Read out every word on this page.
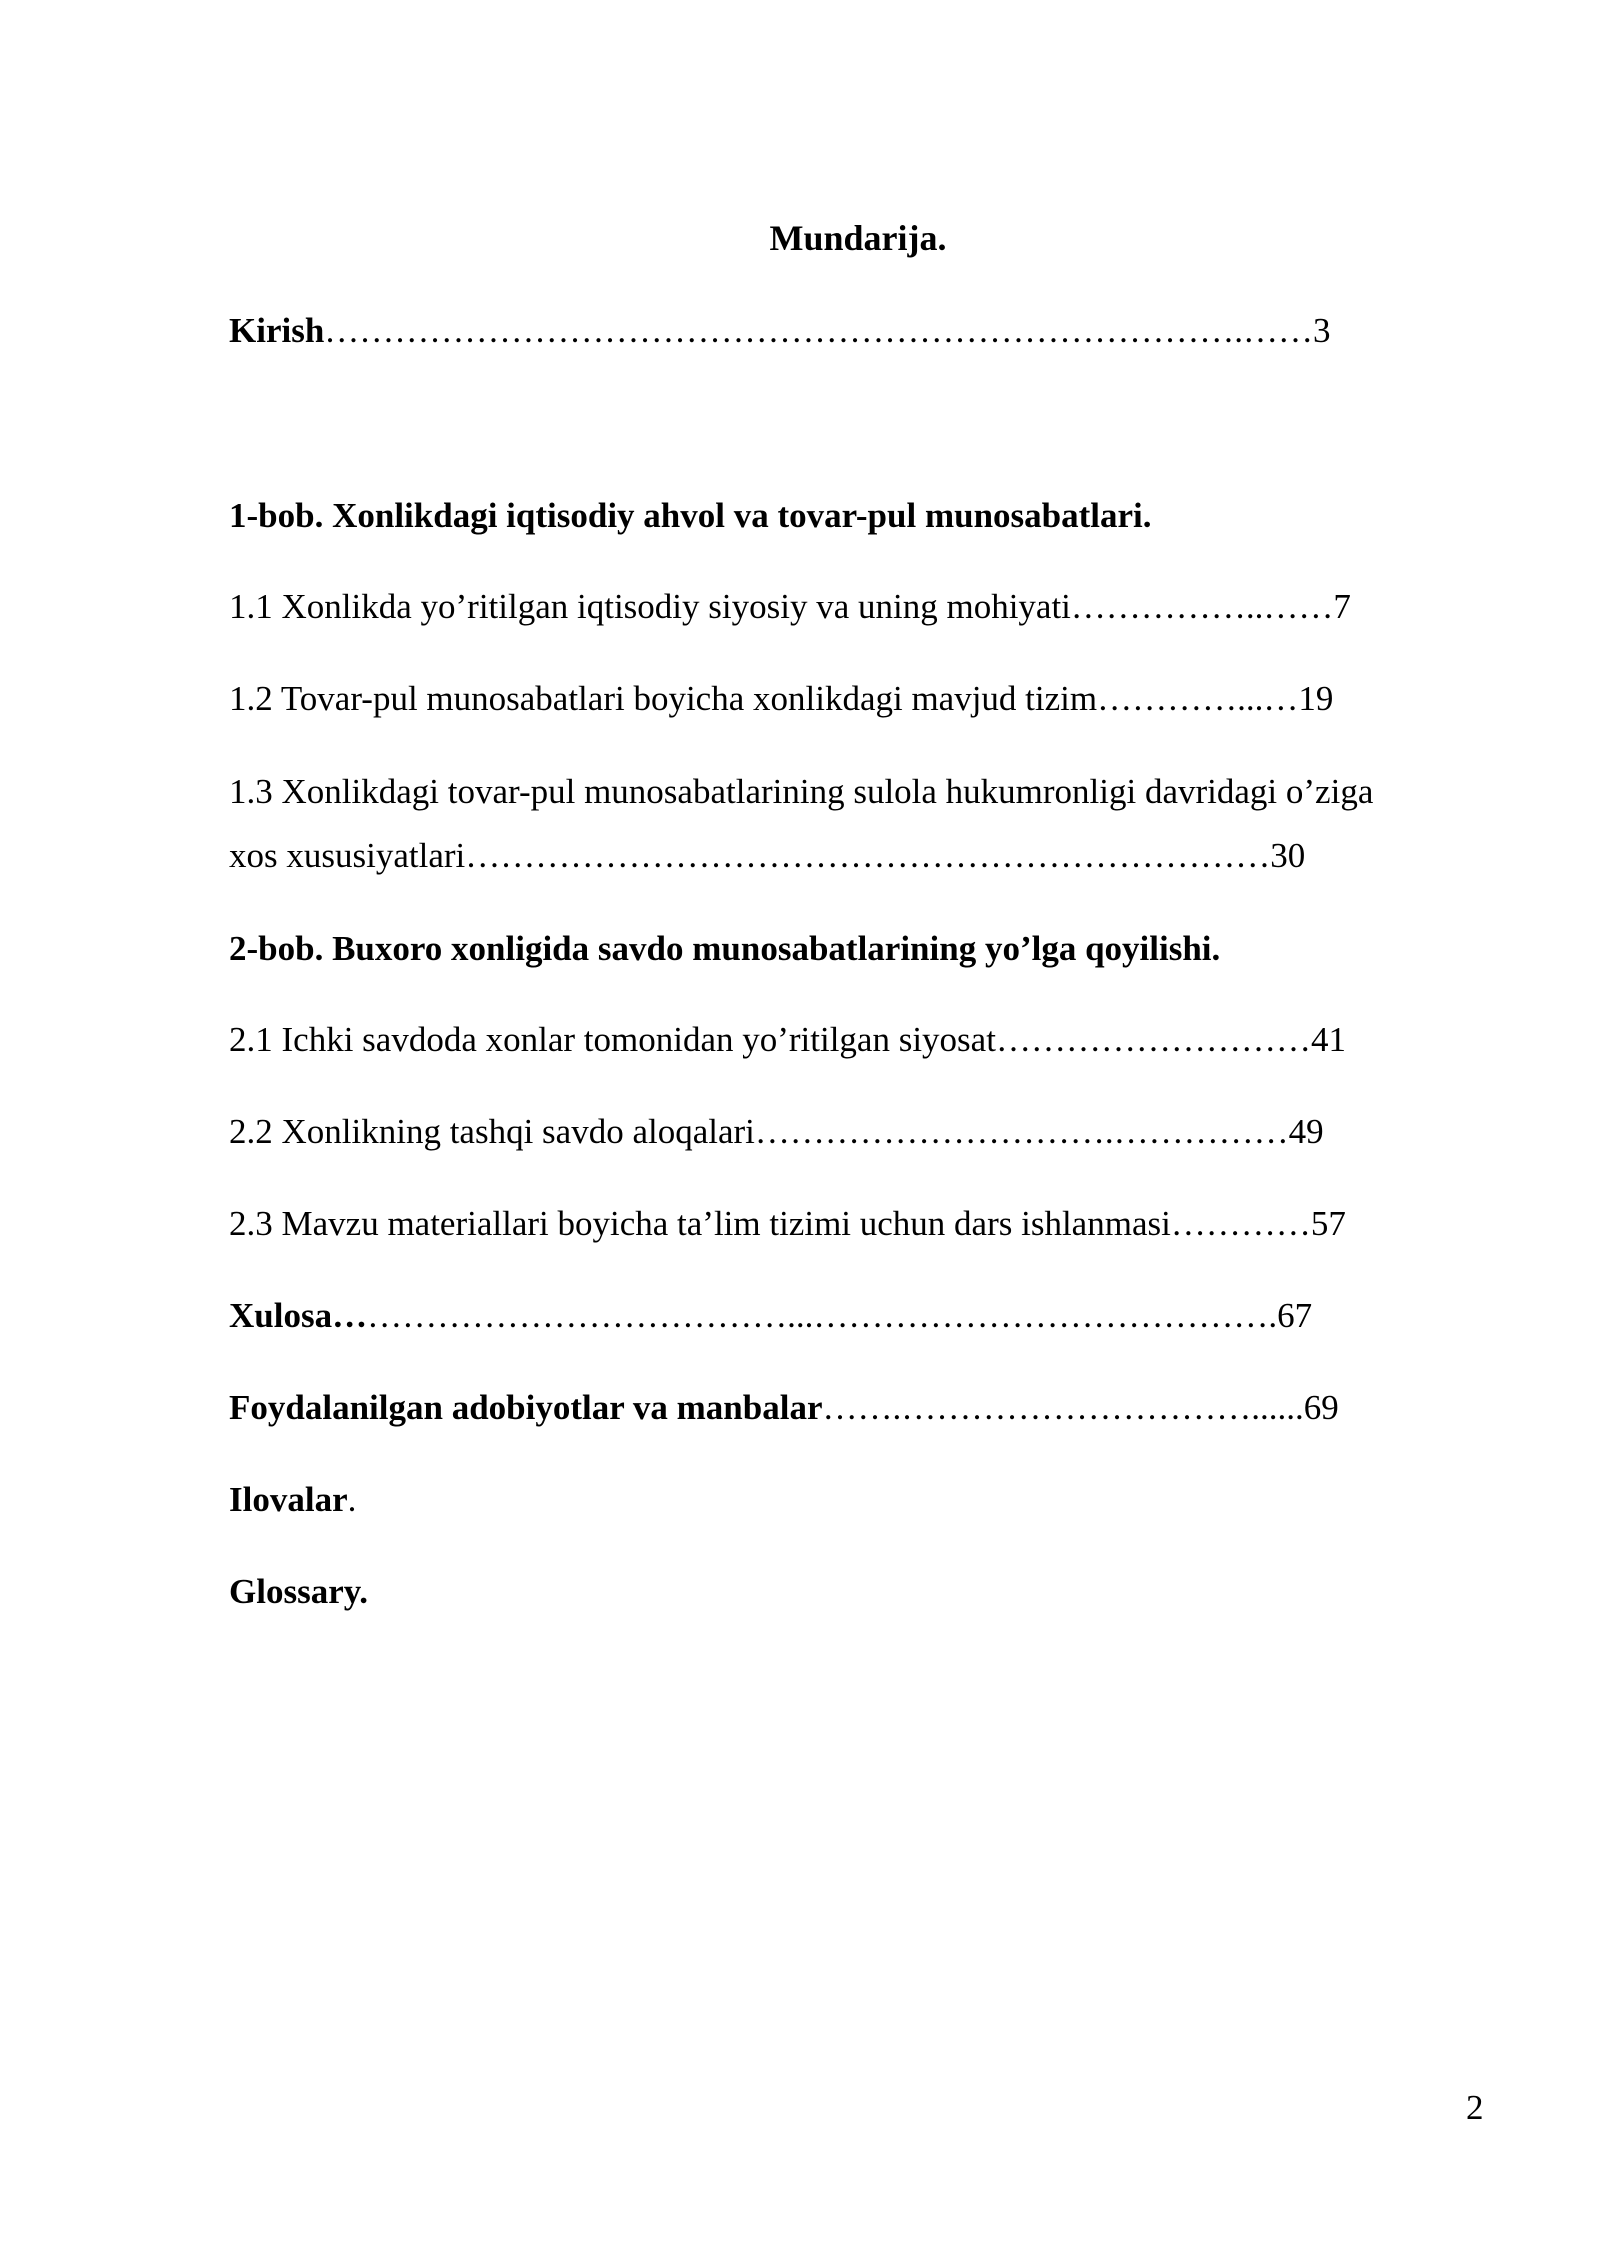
Mundarija.
Kirish…………………………………………………………………….……3
1-bob. Xonlikdagi iqtisodiy ahvol va tovar-pul munosabatlari.
1.1 Xonlikda yo’ritilgan iqtisodiy siyosiy va uning mohiyati……………..……7
1.2 Tovar-pul munosabatlari boyicha xonlikdagi mavjud tizim…………...…19
1.3 Xonlikdagi tovar-pul munosabatlarining sulola hukumronligi davridagi o’ziga
xos xususiyatlari……………………………………………………………30
2-bob. Buxoro xonligida savdo munosabatlarining yo’lga qoyilishi.
2.1 Ichki savdoda xonlar tomonidan yo’ritilgan siyosat………………………41
2.2 Xonlikning tashqi savdo aloqalari………………………….……………49
2.3 Mavzu materiallari boyicha ta’lim tizimi uchun dars ishlanmasi…………57
Xulosa…………………………………...………………………………….67
Foydalanilgan adobiyotlar va manbalar…….…………………………......69
Ilovalar.
Glossary.
2
